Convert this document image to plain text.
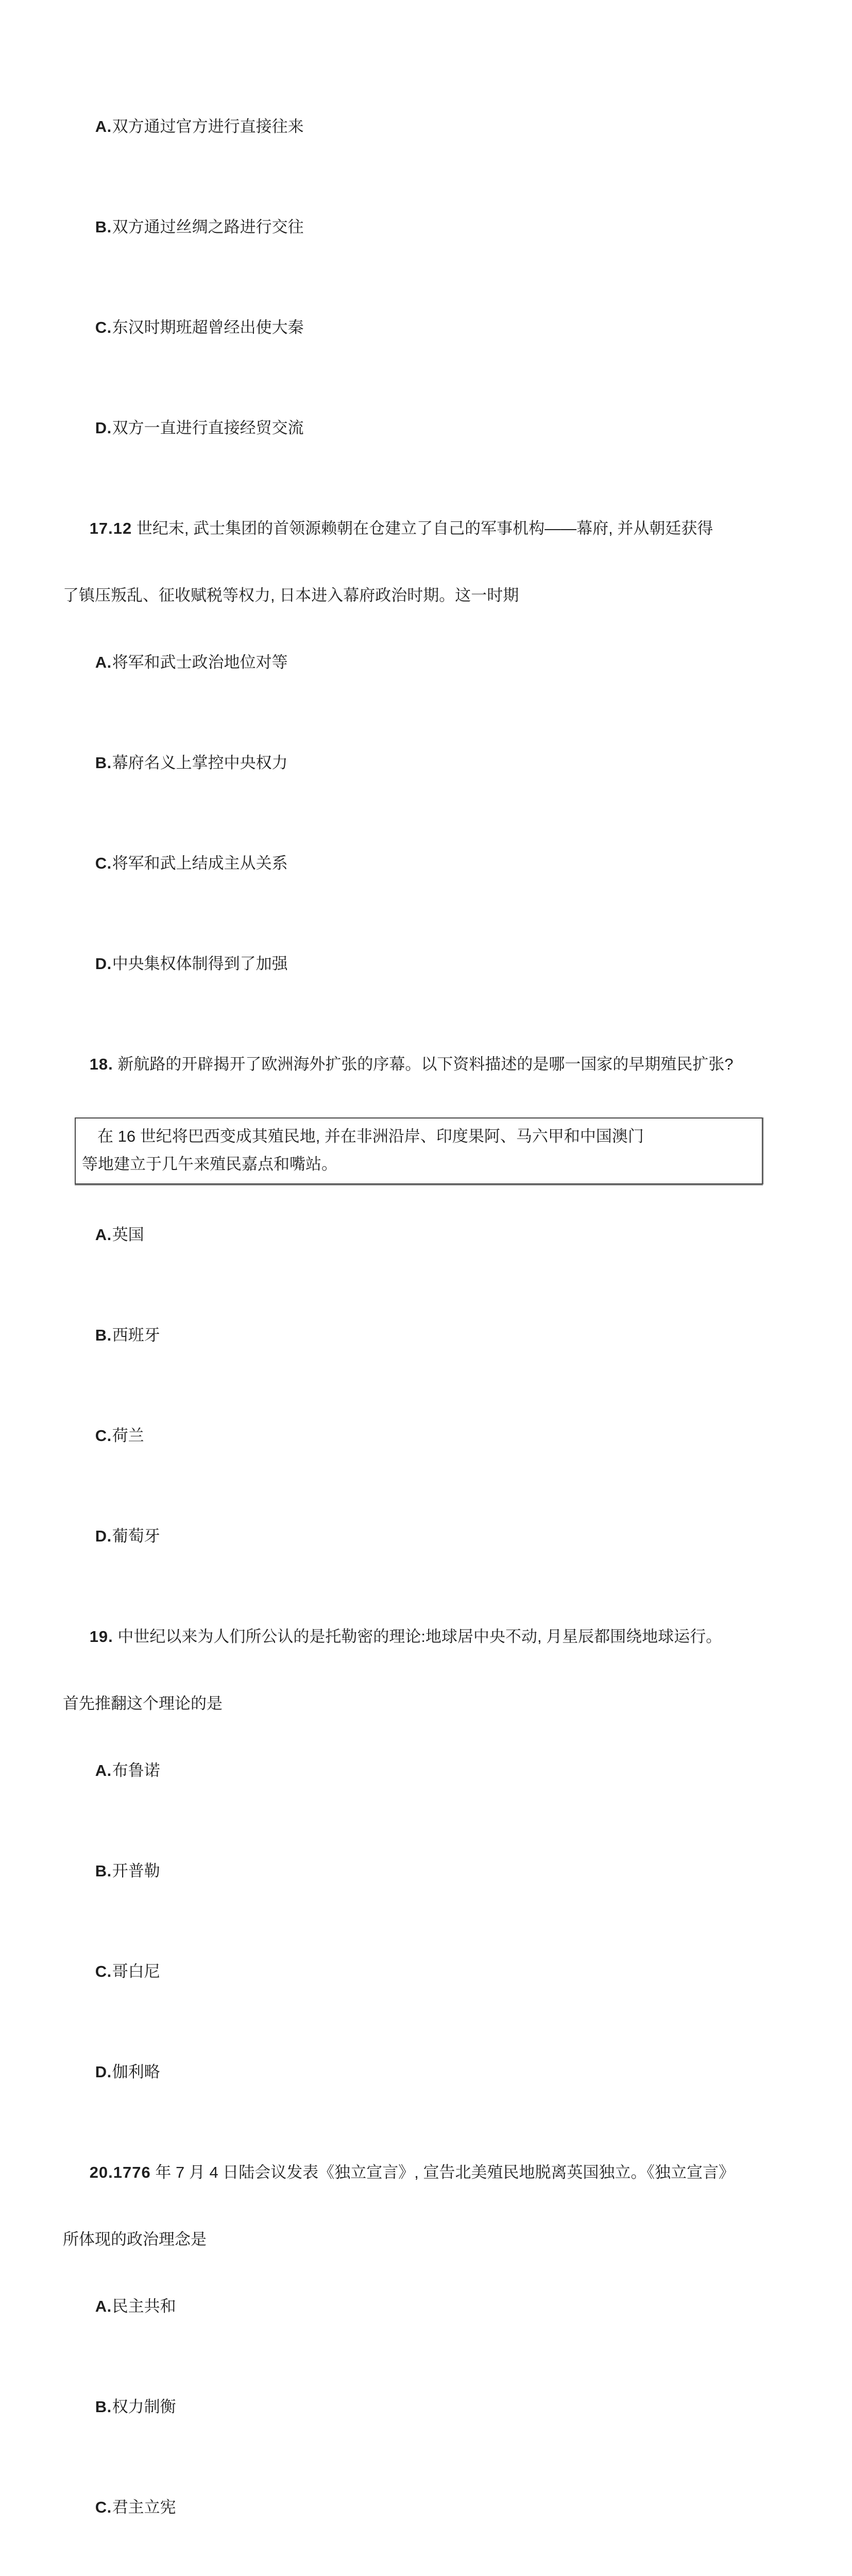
A.双方通过官方进行直接往来

B.双方通过丝绸之路进行交往

C.东汉时期班超曾经出使大秦

D.双方一直进行直接经贸交流

17.12 世纪末, 武士集团的首领源赖朝在仓建立了自己的军事机构——幕府, 并从朝廷获得

了镇压叛乱、征收赋税等权力, 日本进入幕府政治时期。这一时期

A.将军和武士政治地位对等

B.幕府名义上掌控中央权力

C.将军和武上结成主从关系

D.中央集权体制得到了加强

18. 新航路的开辟揭开了欧洲海外扩张的序幕。以下资料描述的是哪一国家的早期殖民扩张?

在 16 世纪将巴西变成其殖民地, 并在非洲沿岸、印度果阿、马六甲和中国澳门
等地建立于几午来殖民嘉点和嘴站。

A.英国

B.西班牙

C.荷兰

D.葡萄牙

19. 中世纪以来为人们所公认的是托勒密的理论:地球居中央不动, 月星辰都围绕地球运行。

首先推翻这个理论的是

A.布鲁诺

B.开普勒

C.哥白尼

D.伽利略

20.1776 年 7 月 4 日陆会议发表《独立宣言》, 宣告北美殖民地脱离英国独立。《独立宣言》

所体现的政治理念是

A.民主共和

B.权力制衡

C.君主立宪
